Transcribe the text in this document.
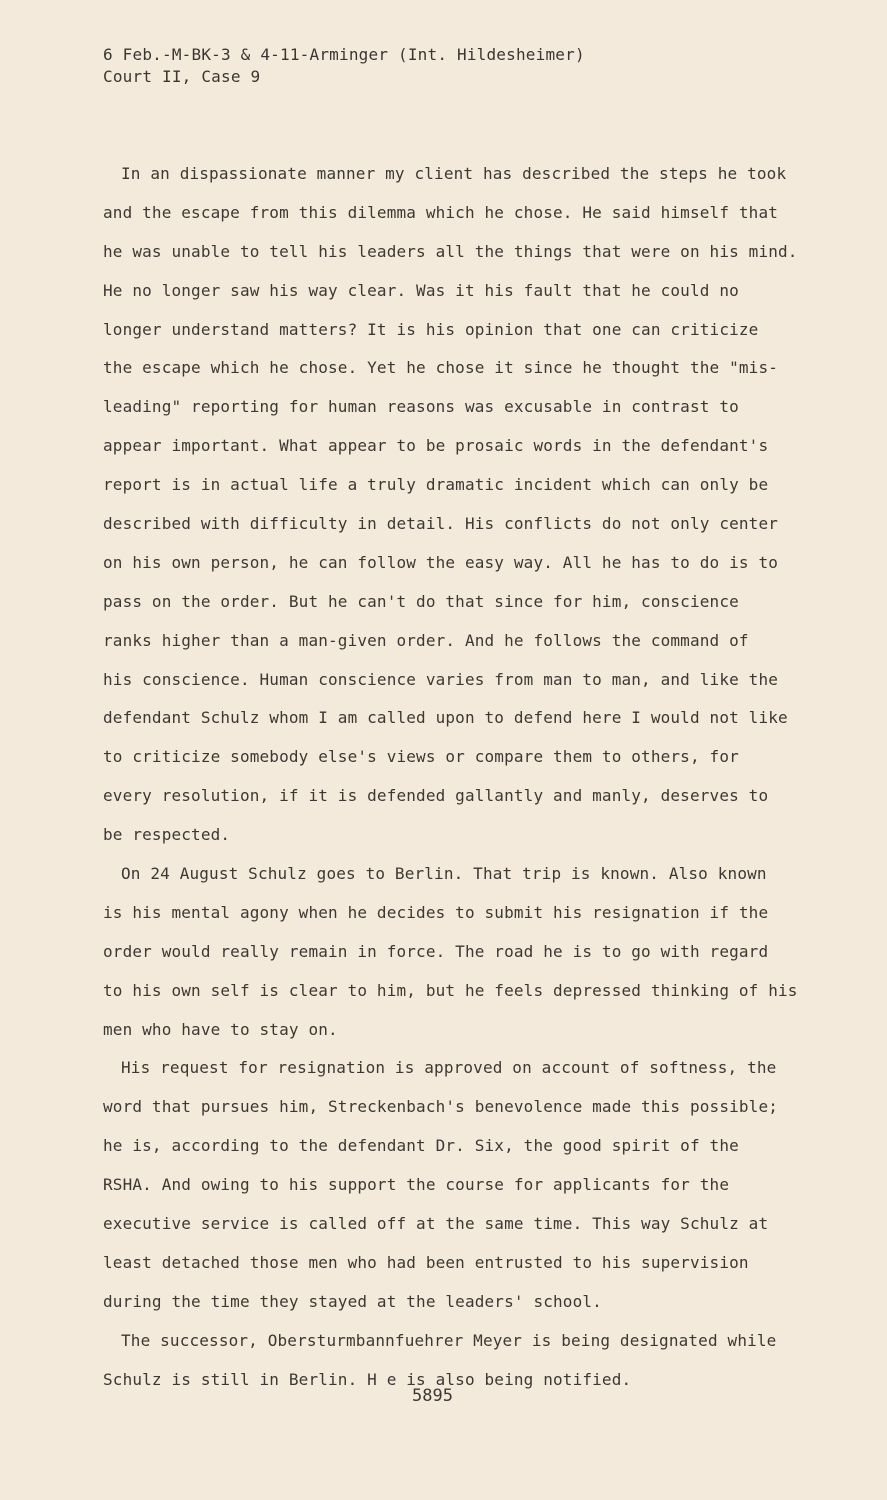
6 Feb.-M-BK-3 & 4-11-Arminger (Int. Hildesheimer)
Court II, Case 9
In an dispassionate manner my client has described the steps he took
and the escape from this dilemma which he chose. He said himself that
he was unable to tell his leaders all the things that were on his mind.
He no longer saw his way clear. Was it his fault that he could no
longer understand matters? It is his opinion that one can criticize
the escape which he chose. Yet he chose it since he thought the "mis-
leading" reporting for human reasons was excusable in contrast to
appear important. What appear to be prosaic words in the defendant's
report is in actual life a truly dramatic incident which can only be
described with difficulty in detail. His conflicts do not only center
on his own person, he can follow the easy way. All he has to do is to
pass on the order. But he can't do that since for him, conscience
ranks higher than a man-given order. And he follows the command of
his conscience. Human conscience varies from man to man, and like the
defendant Schulz whom I am called upon to defend here I would not like
to criticize somebody else's views or compare them to others, for
every resolution, if it is defended gallantly and manly, deserves to
be respected.
On 24 August Schulz goes to Berlin. That trip is known. Also known
is his mental agony when he decides to submit his resignation if the
order would really remain in force. The road he is to go with regard
to his own self is clear to him, but he feels depressed thinking of his
men who have to stay on.
His request for resignation is approved on account of softness, the
word that pursues him, Streckenbach's benevolence made this possible;
he is, according to the defendant Dr. Six, the good spirit of the
RSHA. And owing to his support the course for applicants for the
executive service is called off at the same time. This way Schulz at
least detached those men who had been entrusted to his supervision
during the time they stayed at the leaders' school.
The successor, Obersturmbannfuehrer Meyer is being designated while
Schulz is still in Berlin. H e is also being notified.
5895
